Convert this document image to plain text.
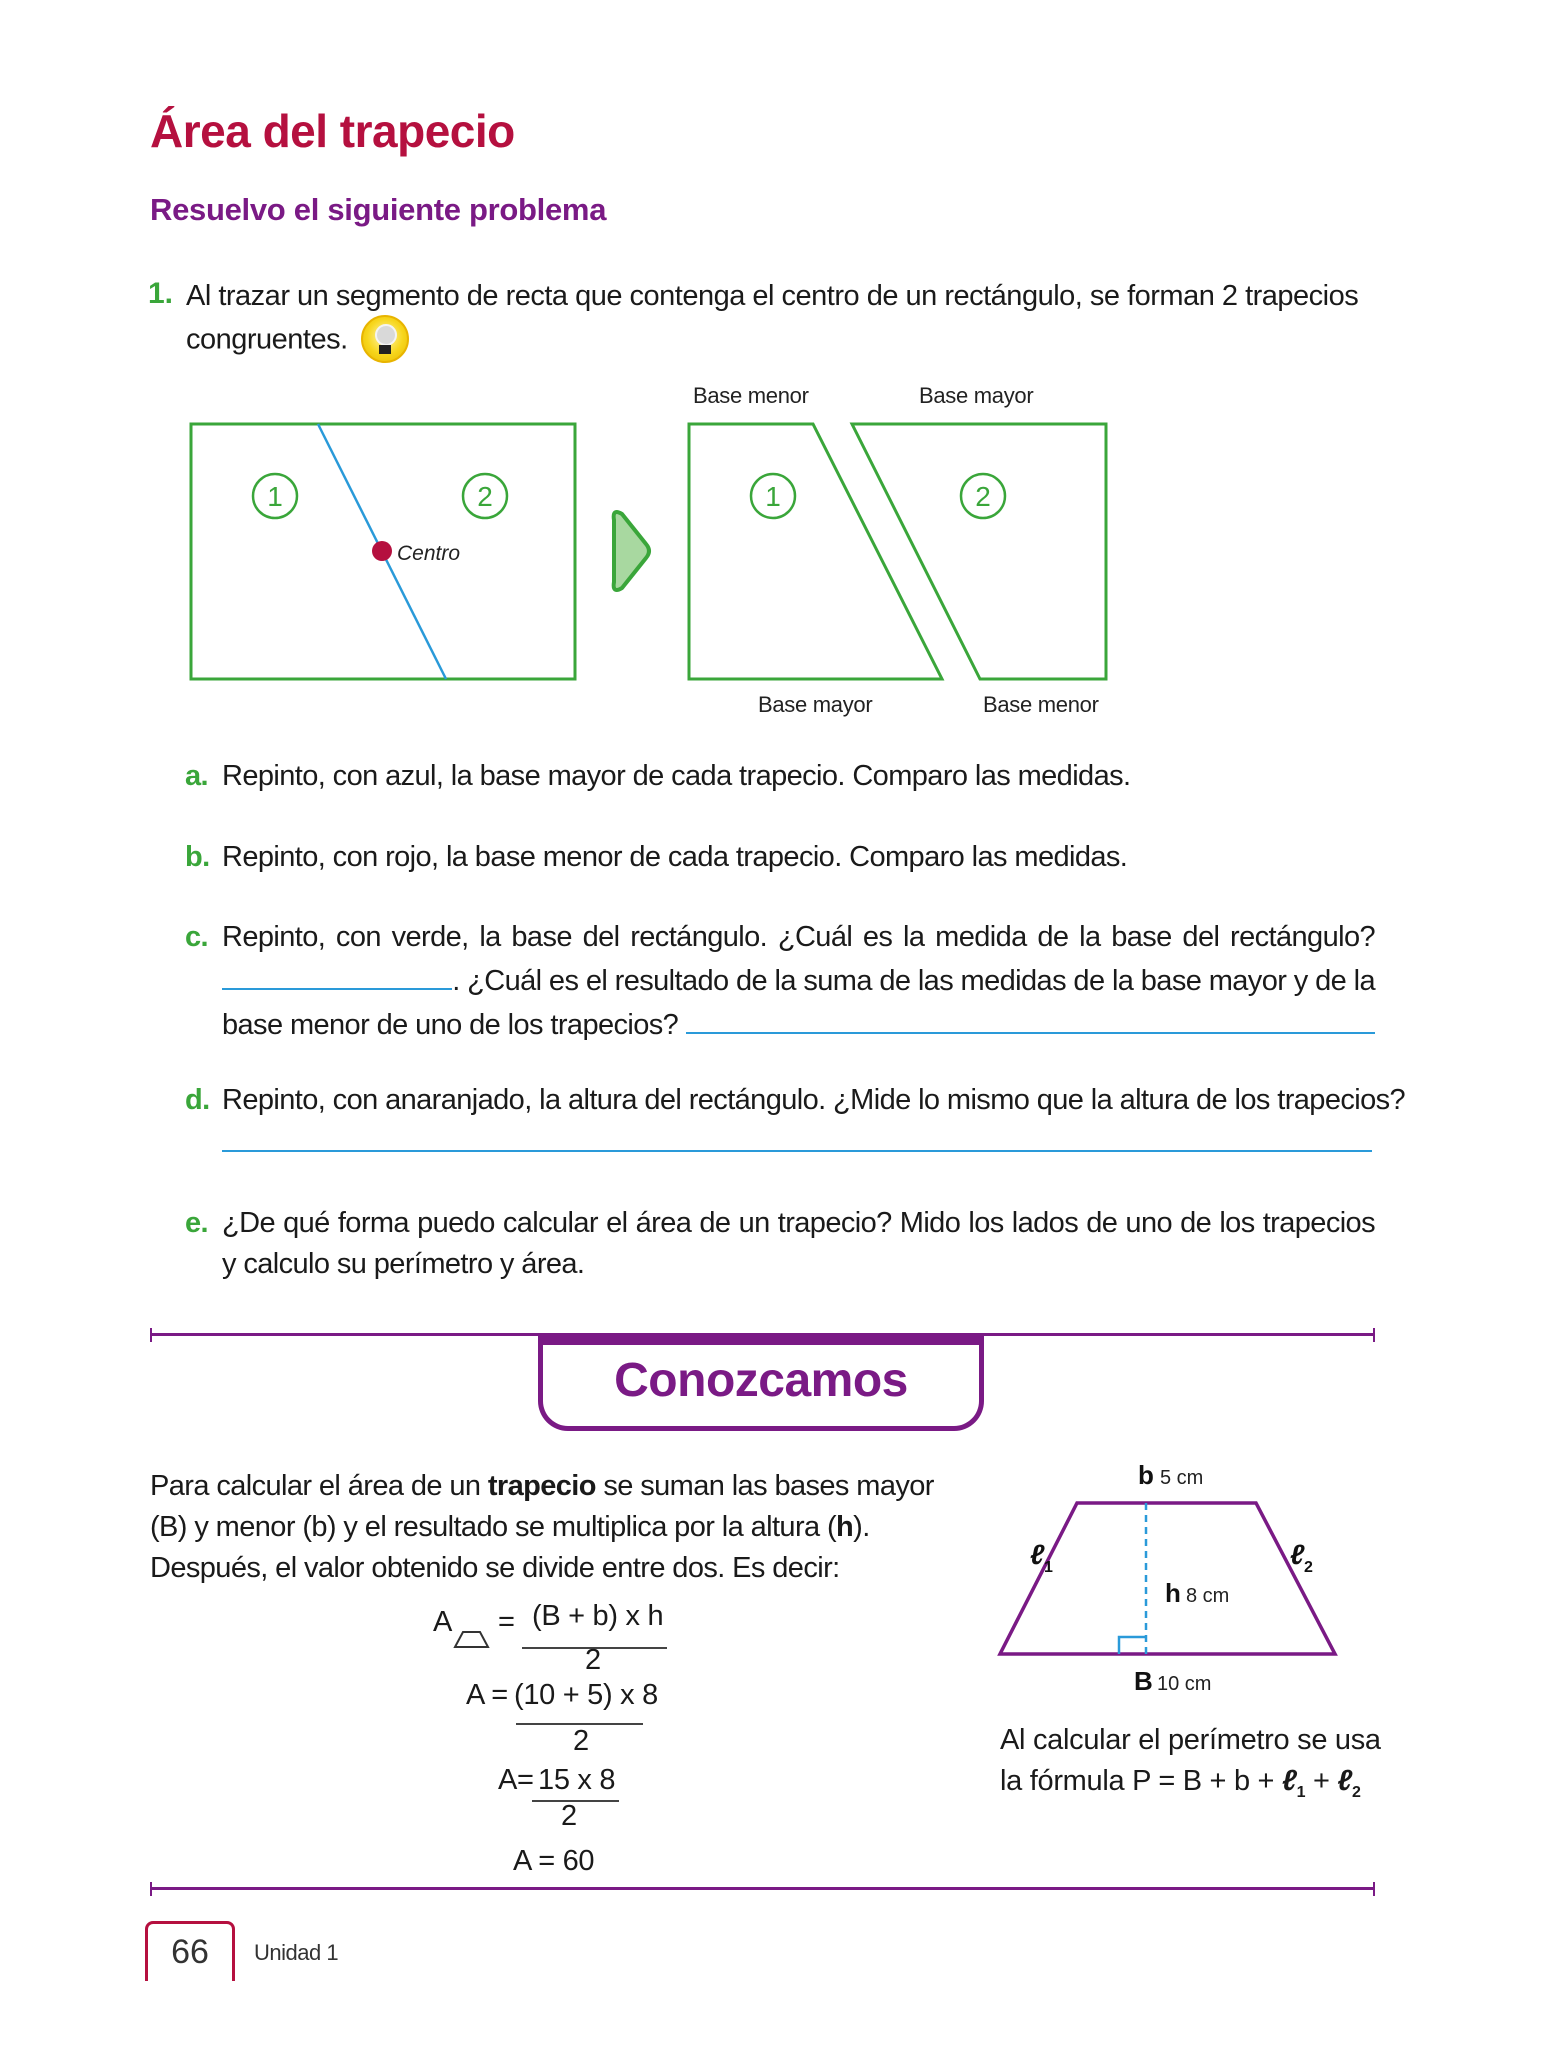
Área del trapecio
Resuelvo el siguiente problema
1. Al trazar un segmento de recta que contenga el centro de un rectángulo, se forman 2 trapecios congruentes.
Centro
1	2	1	2
Base menor	Base mayor
Base mayor	Base menor
a. Repinto, con azul, la base mayor de cada trapecio. Comparo las medidas.
b. Repinto, con rojo, la base menor de cada trapecio. Comparo las medidas.
c. Repinto, con verde, la base del rectángulo. ¿Cuál es la medida de la base del rectángulo?
. ¿Cuál es el resultado de la suma de las medidas de la base mayor y de la
base menor de uno de los trapecios?
d. Repinto, con anaranjado, la altura del rectángulo. ¿Mide lo mismo que la altura de los trapecios?
e. ¿De qué forma puedo calcular el área de un trapecio? Mido los lados de uno de los trapecios y calculo su perímetro y área.
Conozcamos
Para calcular el área de un trapecio se suman las bases mayor (B) y menor (b) y el resultado se multiplica por la altura (h). Después, el valor obtenido se divide entre dos. Es decir:
A = (B + b) x h
2
A = (10 + 5) x 8
2
A= 15 x 8
2
A = 60
b 5 cm
h 8 cm
B 10 cm
ℓ 1	ℓ 2
Al calcular el perímetro se usa
la fórmula P = B + b + ℓ$_1$ + ℓ$_2$
66	Unidad 1
